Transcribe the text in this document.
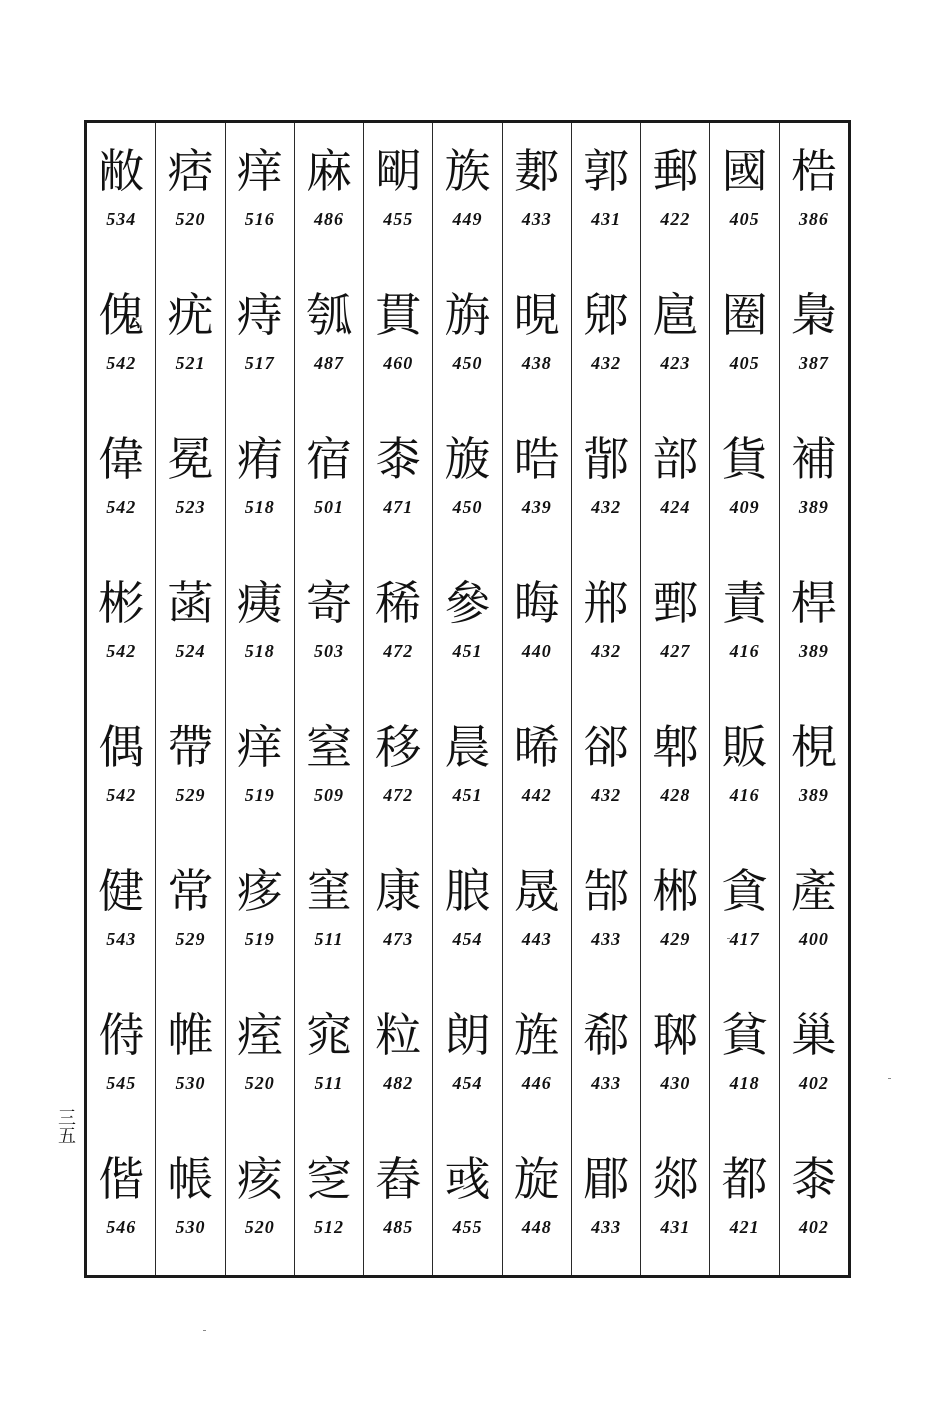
梏
386
梟
387
補
389
桿
389
梘
389
產
400
巢
402
桼
402
國
405
圈
405
貨
409
責
416
販
416
貪
417
貧
418
都
421
郵
422
扈
423
部
424
鄄
427
郫
428
郴
429
郰
430
郯
431
郭
431
郳
432
鄁
432
郱
432
郤
432
郜
433
郗
433
郿
433
郪
433
晛
438
晧
439
晦
440
晞
442
晟
443
旌
446
旋
448
族
449
旃
450
旇
450
參
451
晨
451
朖
454
朗
454
彧
455
朙
455
貫
460
桼
471
稀
472
移
472
康
473
粒
482
舂
485
麻
486
瓠
487
宿
501
寄
503
窒
509
窐
511
窕
511
窆
512
痒
516
痔
517
痏
518
痍
518
痒
519
痑
519
痓
520
痎
520
痞
520
疣
521
冕
523
菡
524
帶
529
常
529
帷
530
帳
530
敝
534
傀
542
偉
542
彬
542
偶
542
健
543
偫
545
偕
546
三五
